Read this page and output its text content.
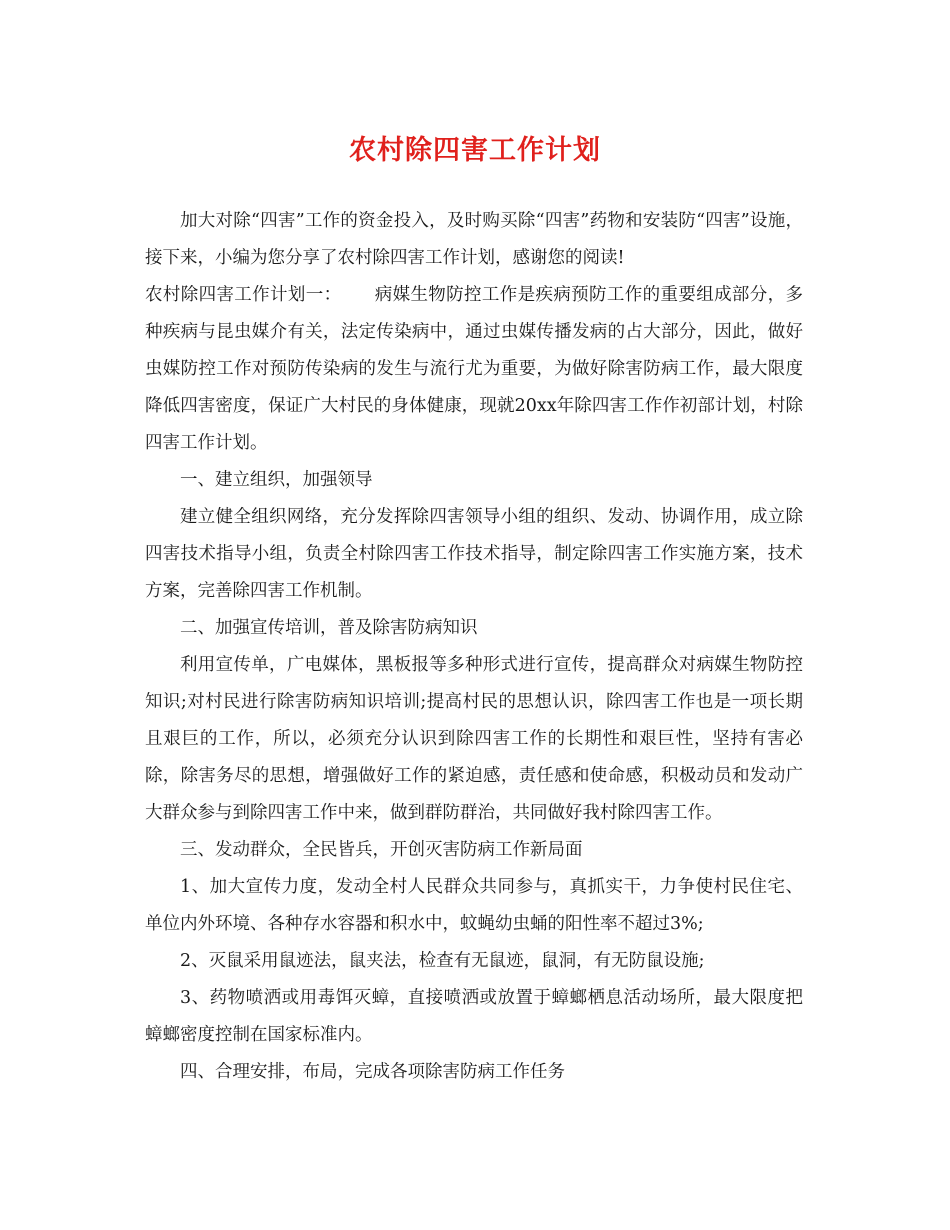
农村除四害工作计划

加大对除“四害”工作的资金投入，及时购买除“四害”药物和安装防“四害”设施，接下来，小编为您分享了农村除四害工作计划，感谢您的阅读!

农村除四害工作计划一： 病媒生物防控工作是疾病预防工作的重要组成部分，多种疾病与昆虫媒介有关，法定传染病中，通过虫媒传播发病的占大部分，因此，做好虫媒防控工作对预防传染病的发生与流行尤为重要，为做好除害防病工作，最大限度降低四害密度，保证广大村民的身体健康，现就20xx年除四害工作作初部计划，村除四害工作计划。

一、建立组织，加强领导

建立健全组织网络，充分发挥除四害领导小组的组织、发动、协调作用，成立除四害技术指导小组，负责全村除四害工作技术指导，制定除四害工作实施方案，技术方案，完善除四害工作机制。

二、加强宣传培训，普及除害防病知识

利用宣传单，广电媒体，黑板报等多种形式进行宣传，提高群众对病媒生物防控知识;对村民进行除害防病知识培训;提高村民的思想认识，除四害工作也是一项长期且艰巨的工作，所以，必须充分认识到除四害工作的长期性和艰巨性，坚持有害必除，除害务尽的思想，增强做好工作的紧迫感，责任感和使命感，积极动员和发动广大群众参与到除四害工作中来，做到群防群治，共同做好我村除四害工作。

三、发动群众，全民皆兵，开创灭害防病工作新局面

1、加大宣传力度，发动全村人民群众共同参与，真抓实干，力争使村民住宅、单位内外环境、各种存水容器和积水中，蚊蝇幼虫蛹的阳性率不超过3%;

2、灭鼠采用鼠迹法，鼠夹法，检查有无鼠迹，鼠洞，有无防鼠设施;

3、药物喷洒或用毒饵灭蟑，直接喷洒或放置于蟑螂栖息活动场所，最大限度把蟑螂密度控制在国家标准内。

四、合理安排，布局，完成各项除害防病工作任务
